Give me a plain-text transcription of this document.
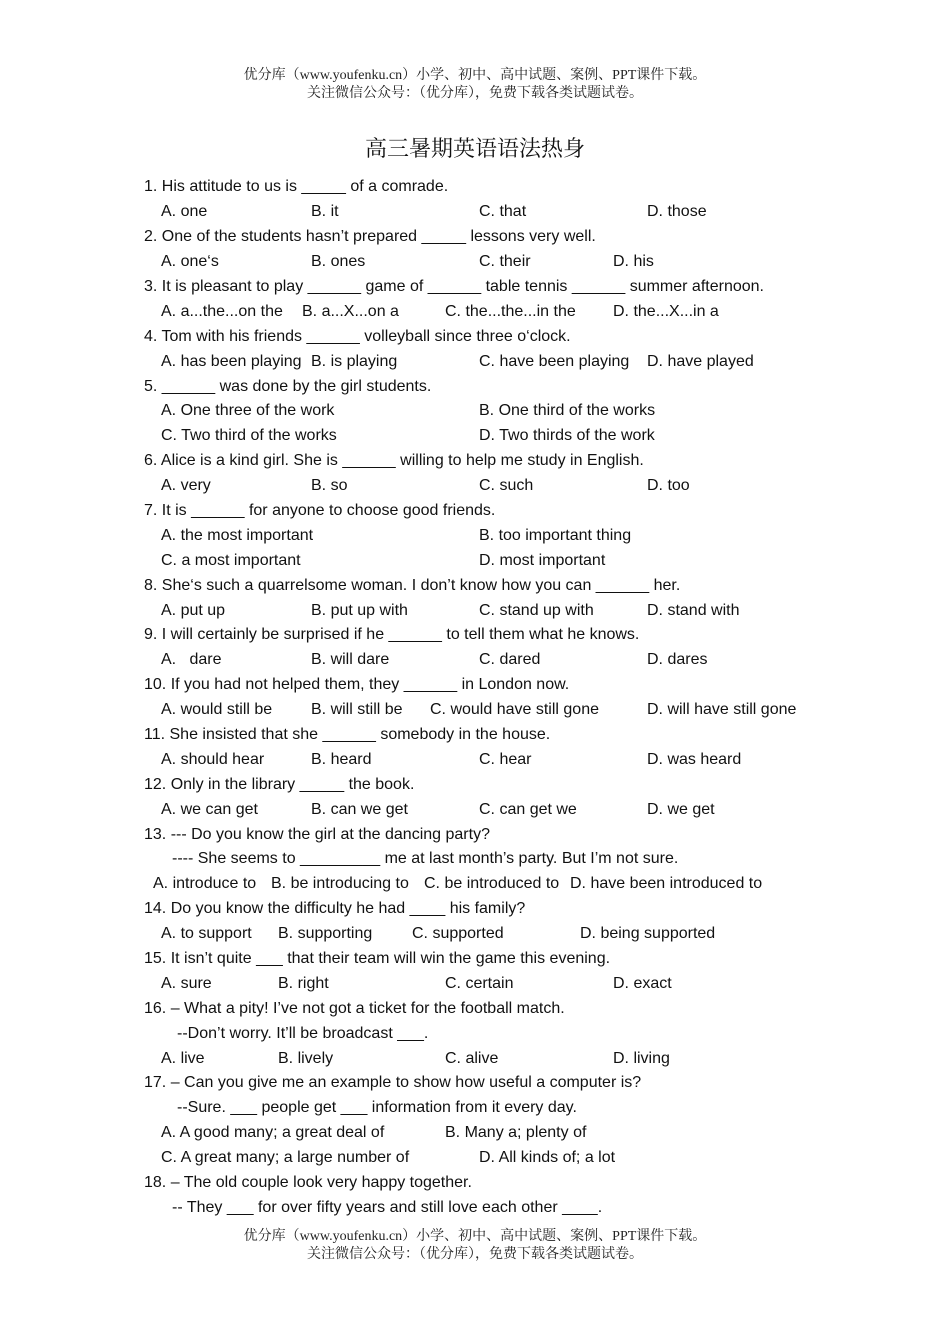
优分库（www.youfenku.cn）小学、初中、高中试题、案例、PPT课件下载。
关注微信公众号：（优分库），免费下载各类试题试卷。
高三暑期英语语法热身
1. His attitude to us is _____ of a comrade.
A. one	B. it	C. that	D. those
2. One of the students hasn’t prepared _____ lessons very well.
A. one‘s	B. ones	C. their	D. his
3. It is pleasant to play ______ game of ______ table tennis ______ summer afternoon.
A. a...the...on the B. a...X...on a	C. the...the...in the D. the...X...in a
4. Tom with his friends ______ volleyball since three o‘clock.
A. has been playing B. is playing	C. have been playing D. have played
5. ______ was done by the girl students.
A. One three of the work	B. One third of the works
C. Two third of the works	D. Two thirds of the work
6. Alice is a kind girl. She is ______ willing to help me study in English.
A. very	B. so	C. such	D. too
7. It is ______ for anyone to choose good friends.
A. the most important	B. too important thing
C. a most important	D. most important
8. She‘s such a quarrelsome woman. I don’t know how you can ______ her.
A. put up	B. put up with	C. stand up with	D. stand with
9. I will certainly be surprised if he ______ to tell them what he knows.
A.   dare	B. will dare	C. dared	D. dares
10. If you had not helped them, they ______ in London now.
A. would still be B. will still be C. would have still gone	D. will have still gone
11. She insisted that she ______ somebody in the house.
A. should hear	B. heard	C. hear	D. was heard
12. Only in the library _____ the book.
A. we can get	B. can we get	C. can get we	D. we get
13. --- Do you know the girl at the dancing party?
---- She seems to _________ me at last month’s party. But I’m not sure.
A. introduce to B. be introducing to C. be introduced to D. have been introduced to
14. Do you know the difficulty he had ____ his family?
A. to support B. supporting C. supported	D. being supported
15. It isn’t quite ___ that their team will win the game this evening.
A. sure	B. right	C. certain	D. exact
16. – What a pity! I’ve not got a ticket for the football match.
--Don’t worry. It’ll be broadcast ___.
A. live	B. lively	C. alive	D. living
17. – Can you give me an example to show how useful a computer is?
--Sure. ___ people get ___ information from it every day.
A. A good many; a great deal of	B. Many a; plenty of
C. A great many; a large number of	D. All kinds of; a lot
18. – The old couple look very happy together.
-- They ___ for over fifty years and still love each other ____.
优分库（www.youfenku.cn）小学、初中、高中试题、案例、PPT课件下载。
关注微信公众号：（优分库），免费下载各类试题试卷。
